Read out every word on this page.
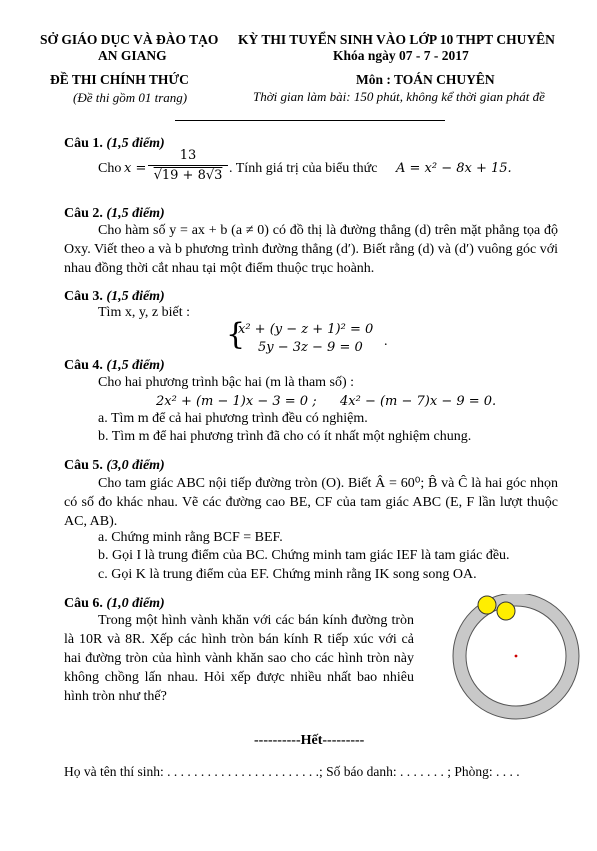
SỞ GIÁO DỤC VÀ ĐÀO TẠO
AN GIANG
KỲ THI TUYỂN SINH VÀO LỚP 10 THPT CHUYÊN
Khóa ngày 07 - 7 - 2017
ĐỀ THI CHÍNH THỨC
(Đề thi gồm 01 trang)
Môn : TOÁN CHUYÊN
Thời gian làm bài: 150 phút, không kể thời gian phát đề
Câu 1. (1,5 điểm)
Cho $x = \frac{13}{√19 + 8√3}$ . Tính giá trị của biểu thức A = x² − 8x + 15.
Câu 2. (1,5 điểm)
Cho hàm số y = ax + b (a ≠ 0) có đồ thị là đường thẳng (d) trên mặt phẳng tọa độ Oxy. Viết theo a và b phương trình đường thẳng (d′). Biết rằng (d) và (d′) vuông góc với nhau đồng thời cắt nhau tại một điểm thuộc trục hoành.
Câu 3. (1,5 điểm)
Tìm x, y, z biết :
{
x² + (y − z + 1)² = 0
5y − 3z − 9 = 0 .
Câu 4. (1,5 điểm)
Cho hai phương trình bậc hai (m là tham số) :
2x² + (m − 1)x − 3 = 0 ; 4x² − (m − 7)x − 9 = 0.
a. Tìm m để cả hai phương trình đều có nghiệm.
b. Tìm m để hai phương trình đã cho có ít nhất một nghiệm chung.
Câu 5. (3,0 điểm)
Cho tam giác ABC nội tiếp đường tròn (O). Biết Â = 60⁰; B̂ và Ĉ là hai góc nhọn có số đo khác nhau. Vẽ các đường cao BE, CF của tam giác ABC (E, F lần lượt thuộc AC, AB).
a. Chứng minh rằng BCF = BEF.
b. Gọi I là trung điểm của BC. Chứng minh tam giác IEF là tam giác đều.
c. Gọi K là trung điểm của EF. Chứng minh rằng IK song song OA.
Câu 6. (1,0 điểm)
Trong một hình vành khăn với các bán kính đường tròn là 10R và 8R. Xếp các hình tròn bán kính R tiếp xúc với cả hai đường tròn của hình vành khăn sao cho các hình tròn này không chồng lấn nhau. Hỏi xếp được nhiều nhất bao nhiêu hình tròn như thế?
----------Hết---------
Họ và tên thí sinh: . . . . . . . . . . . . . . . . . . . . . . .; Số báo danh: . . . . . . . ; Phòng: . . . .
